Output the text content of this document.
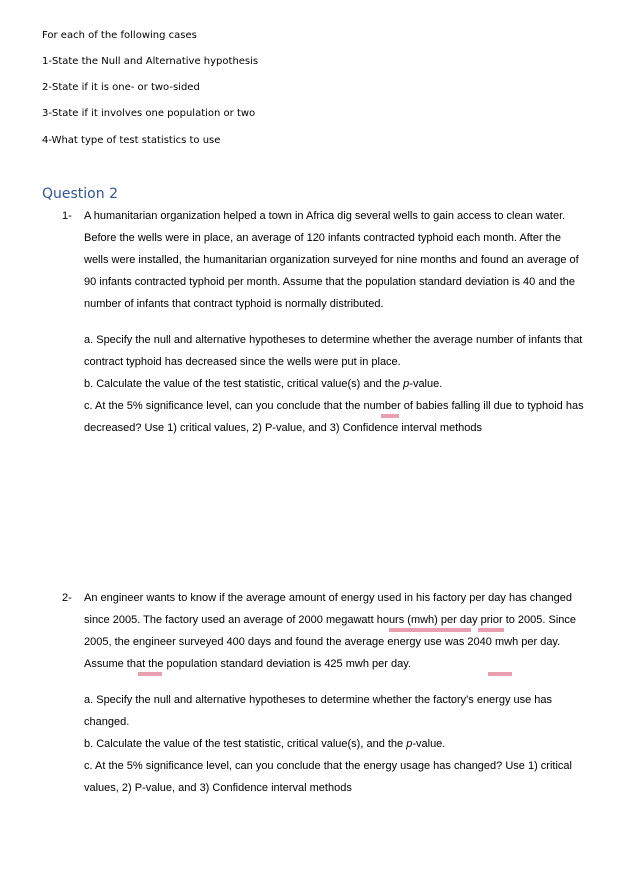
For each of the following cases
1-State the Null and Alternative hypothesis
2-State if it is one- or two-sided
3-State if it involves one population or two
4-What type of test statistics to use
Question 2
1- A humanitarian organization helped a town in Africa dig several wells to gain access to clean water. Before the wells were in place, an average of 120 infants contracted typhoid each month. After the wells were installed, the humanitarian organization surveyed for nine months and found an average of 90 infants contracted typhoid per month. Assume that the population standard deviation is 40 and the number of infants that contract typhoid is normally distributed.

a. Specify the null and alternative hypotheses to determine whether the average number of infants that contract typhoid has decreased since the wells were put in place.

b. Calculate the value of the test statistic, critical value(s) and the p-value.

c. At the 5% significance level, can you conclude that the number of babies falling ill due to typhoid has decreased? Use 1) critical values, 2) P-value, and 3) Confidence interval methods

2- An engineer wants to know if the average amount of energy used in his factory per day has changed since 2005. The factory used an average of 2000 megawatt hours (mwh) per day prior to 2005. Since 2005, the engineer surveyed 400 days and found the average energy use was 2040 mwh per day. Assume that the population standard deviation is 425 mwh per day.

a. Specify the null and alternative hypotheses to determine whether the factory's energy use has changed.

b. Calculate the value of the test statistic, critical value(s), and the p-value.

c. At the 5% significance level, can you conclude that the energy usage has changed? Use 1) critical values, 2) P-value, and 3) Confidence interval methods
